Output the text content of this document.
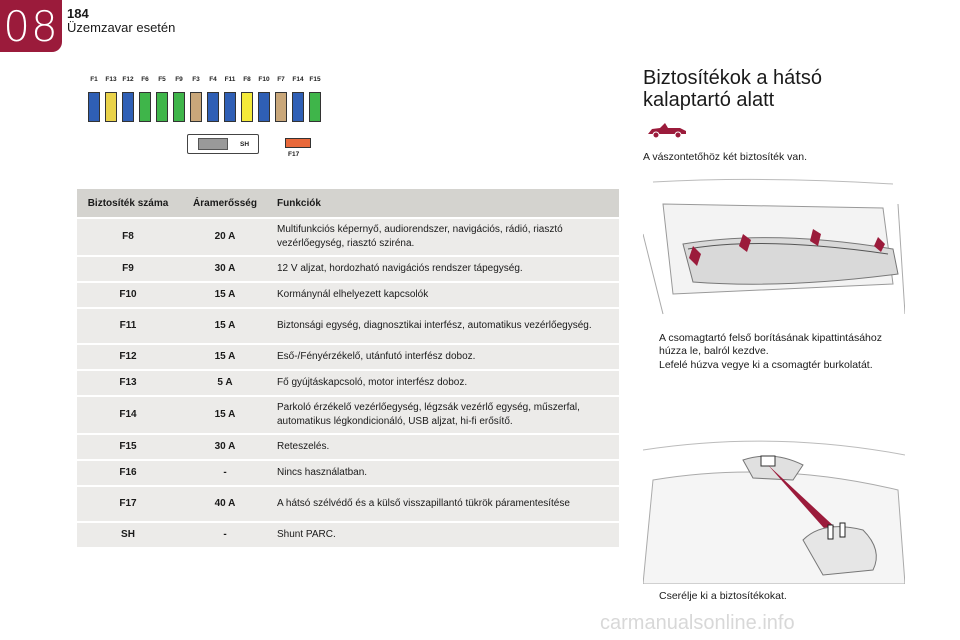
08 184
Üzemzavar esetén
F1	F13 F12	F6	F5	F9	F3	F4	F11	F8	F10	F7	F14 F15
SH
F17
Biztosíték száma	Áramerősség	Funkciók
F8	20 A	Multifunkciós képernyő, audiorendszer, navigációs, rádió, riasztó vezérlőegység, riasztó sziréna.
F9	30 A	12 V aljzat, hordozható navigációs rendszer tápegység.
F10	15 A	Kormánynál elhelyezett kapcsolók
F11	15 A	Biztonsági egység, diagnosztikai interfész, automatikus vezérlőegység.
F12	15 A	Eső-/Fényérzékelő, utánfutó interfész doboz.
F13	5 A	Fő gyújtáskapcsoló, motor interfész doboz.
F14	15 A	Parkoló érzékelő vezérlőegység, légzsák vezérlő egység, műszerfal, automatikus légkondicionáló, USB aljzat, hi-fi erősítő.
F15	30 A	Reteszelés.
F16	-	Nincs használatban.
F17	40 A	A hátsó szélvédő és a külső visszapillantó tükrök páramentesítése
SH	-	Shunt PARC.
Biztosítékok a hátsó kalaptartó alatt
A vászontetőhöz két biztosíték van.
A csomagtartó felső borításának kipattintásához húzza le, balról kezdve.
Lefelé húzva vegye ki a csomagtér burkolatát.
Cserélje ki a biztosítékokat.
carmanualsonline.info
